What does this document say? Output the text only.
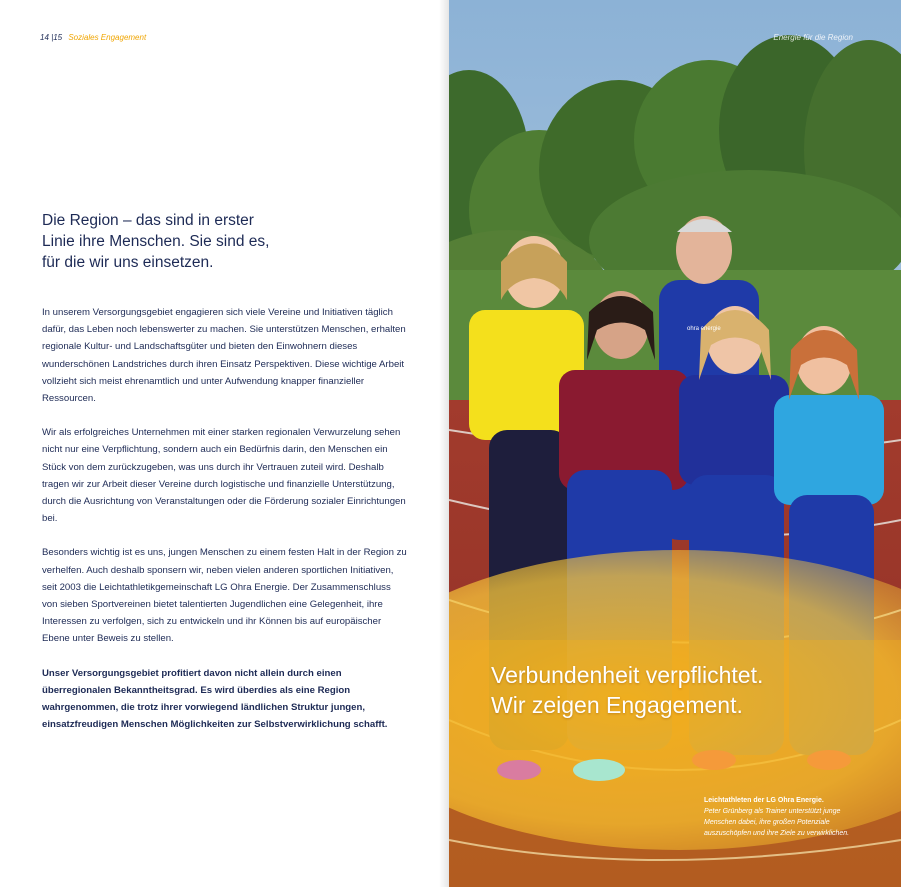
14 |15 Soziales Engagement
Die Region – das sind in erster
Linie ihre Menschen. Sie sind es,
für die wir uns einsetzen.

In unserem Versorgungsgebiet engagieren sich viele Vereine und Initiativen täglich dafür, das Leben noch lebenswerter zu machen. Sie unterstützen Menschen, erhalten regionale Kultur- und Landschaftsgüter und bieten den Einwohnern dieses wunderschönen Landstriches durch ihren Einsatz Perspektiven. Diese wichtige Arbeit vollzieht sich meist ehrenamtlich und unter Aufwendung knapper finanzieller Ressourcen.

Wir als erfolgreiches Unternehmen mit einer starken regionalen Verwurzelung sehen nicht nur eine Verpflichtung, sondern auch ein Bedürfnis darin, den Menschen ein Stück von dem zurückzugeben, was uns durch ihr Vertrauen zuteil wird. Deshalb tragen wir zur Arbeit dieser Vereine durch logistische und finanzielle Unterstützung, durch die Ausrichtung von Veranstaltungen oder die Förderung sozialer Einrichtungen bei.

Besonders wichtig ist es uns, jungen Menschen zu einem festen Halt in der Region zu verhelfen. Auch deshalb sponsern wir, neben vielen anderen sportlichen Initiativen, seit 2003 die Leichtathletikgemeinschaft LG Ohra Energie. Der Zusammenschluss von sieben Sportvereinen bietet talentierten Jugendlichen eine Gelegenheit, ihre Interessen zu verfolgen, sich zu entwickeln und ihr Können bis auf europäischer Ebene unter Beweis zu stellen.

Unser Versorgungsgebiet profitiert davon nicht allein durch einen überregionalen Bekanntheitsgrad. Es wird überdies als eine Region wahrgenommen, die trotz ihrer vorwiegend ländlichen Struktur jungen, einsatzfreudigen Menschen Möglichkeiten zur Selbstverwirklichung schafft.

ohra energie
Energie für die Region
Verbundenheit verpflichtet.
Wir zeigen Engagement.
Leichtathleten der LG Ohra Energie.
Peter Grünberg als Trainer unterstützt junge Menschen dabei, ihre großen Potenziale auszuschöpfen und ihre Ziele zu verwirklichen.
